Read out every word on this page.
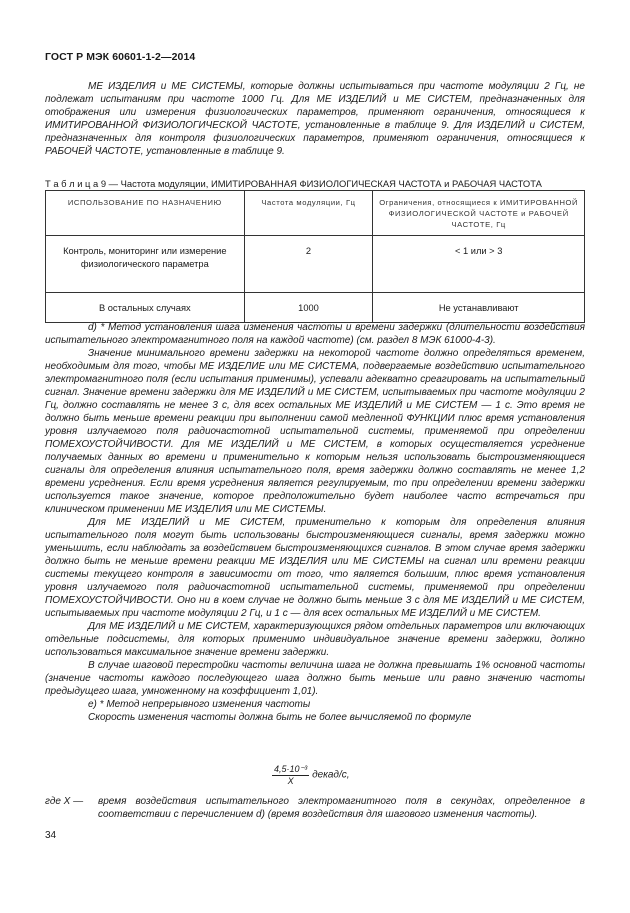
ГОСТ Р МЭК 60601-1-2—2014

МЕ ИЗДЕЛИЯ и МЕ СИСТЕМЫ, которые должны испытываться при частоте модуляции 2 Гц, не подлежат испытаниям при частоте 1000 Гц. Для МЕ ИЗДЕЛИЙ и МЕ СИСТЕМ, предназначенных для отображения или измерения физиологических параметров, применяют ограничения, относящиеся к ИМИТИРОВАННОЙ ФИЗИОЛОГИЧЕСКОЙ ЧАСТОТЕ, установленные в таблице 9. Для ИЗДЕЛИЙ и СИСТЕМ, предназначенных для контроля физиологических параметров, применяют ограничения, относящиеся к РАБОЧЕЙ ЧАСТОТЕ, установленные в таблице 9.

Т а б л и ц а 9 — Частота модуляции, ИМИТИРОВАННАЯ ФИЗИОЛОГИЧЕСКАЯ ЧАСТОТА и РАБОЧАЯ ЧАСТОТА
ИСПОЛЬЗОВАНИЕ ПО НАЗНАЧЕНИЮ	Частота модуляции, Гц	Ограничения, относящиеся к ИМИТИРОВАННОЙ ФИЗИОЛОГИЧЕСКОЙ ЧАСТОТЕ и РАБОЧЕЙ ЧАСТОТЕ, Гц
Контроль, мониторинг или измерение физиологического параметра	2	< 1 или > 3
В остальных случаях	1000	Не устанавливают

d) * Метод установления шага изменения частоты и времени задержки (длительности воздействия испытательного электромагнитного поля на каждой частоте) (см. раздел 8 МЭК 61000-4-3).

Значение минимального времени задержки на некоторой частоте должно определяться временем, необходимым для того, чтобы МЕ ИЗДЕЛИЕ или МЕ СИСТЕМА, подвергаемые воздействию испытательного электромагнитного поля (если испытания применимы), успевали адекватно среагировать на испытательный сигнал. Значение времени задержки для МЕ ИЗДЕЛИЙ и МЕ СИСТЕМ, испытываемых при частоте модуляции 2 Гц, должно составлять не менее 3 с, для всех остальных МЕ ИЗДЕЛИЙ и МЕ СИСТЕМ — 1 с. Это время не должно быть меньше времени реакции при выполнении самой медленной ФУНКЦИИ плюс время установления уровня излучаемого поля радиочастотной испытательной системы, применяемой при определении ПОМЕХОУСТОЙЧИВОСТИ. Для МЕ ИЗДЕЛИЙ и МЕ СИСТЕМ, в которых осуществляется усреднение получаемых данных во времени и применительно к которым нельзя использовать быстроизменяющиеся сигналы для определения влияния испытательного поля, время задержки должно составлять не менее 1,2 времени усреднения. Если время усреднения является регулируемым, то при определении времени задержки используется такое значение, которое предположительно будет наиболее часто встречаться при клиническом применении МЕ ИЗДЕЛИЯ или МЕ СИСТЕМЫ.

Для МЕ ИЗДЕЛИЙ и МЕ СИСТЕМ, применительно к которым для определения влияния испытательного поля могут быть использованы быстроизменяющиеся сигналы, время задержки можно уменьшить, если наблюдать за воздействием быстроизменяющихся сигналов. В этом случае время задержки должно быть не меньше времени реакции МЕ ИЗДЕЛИЯ или МЕ СИСТЕМЫ на сигнал или времени реакции системы текущего контроля в зависимости от того, что является большим, плюс время установления уровня излучаемого поля радиочастотной испытательной системы, применяемой при определении ПОМЕХОУСТОЙЧИВОСТИ. Оно ни в коем случае не должно быть меньше 3 с для МЕ ИЗДЕЛИЙ и МЕ СИСТЕМ, испытываемых при частоте модуляции 2 Гц, и 1 с — для всех остальных МЕ ИЗДЕЛИЙ и МЕ СИСТЕМ.

Для МЕ ИЗДЕЛИЙ и МЕ СИСТЕМ, характеризующихся рядом отдельных параметров или включающих отдельные подсистемы, для которых применимо индивидуальное значение времени задержки, должно использоваться максимальное значение времени задержки.

В случае шаговой перестройки частоты величина шага не должна превышать 1% основной частоты (значение частоты каждого последующего шага должно быть меньше или равно значению частоты предыдущего шага, умноженному на коэффициент 1,01).

e) * Метод непрерывного изменения частоты

Скорость изменения частоты должна быть не более вычисляемой по формуле

$\frac{\text{4,5·10⁻³}}{X}$ декад/с,
где X — время воздействия испытательного электромагнитного поля в секундах, определенное в соответствии с перечислением d) (время воздействия для шагового изменения частоты).
34
